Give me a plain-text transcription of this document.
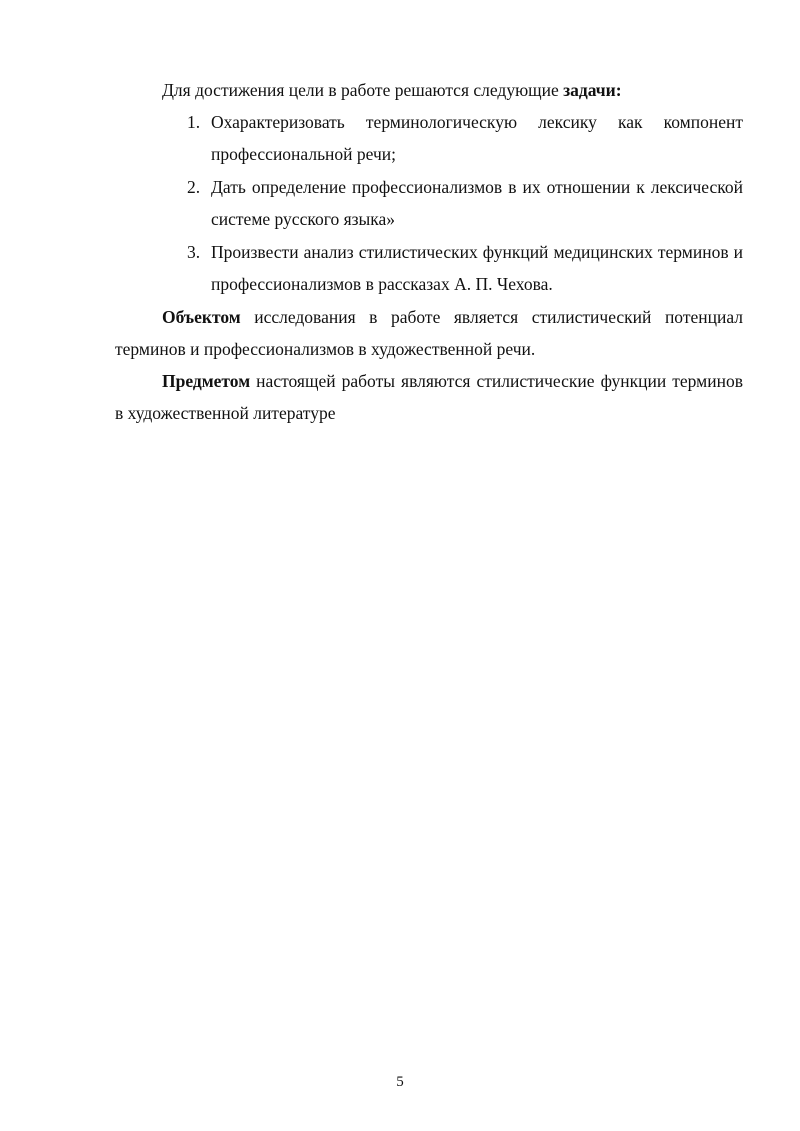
Для достижения цели в работе решаются следующие задачи:

1. Охарактеризовать терминологическую лексику как компонент профессиональной речи;
2. Дать определение профессионализмов в их отношении к лексической системе русского языка»
3. Произвести анализ стилистических функций медицинских терминов и профессионализмов в рассказах А. П. Чехова.

Объектом исследования в работе является стилистический потенциал терминов и профессионализмов в художественной речи.

Предметом настоящей работы являются стилистические функции терминов в художественной литературе

5
